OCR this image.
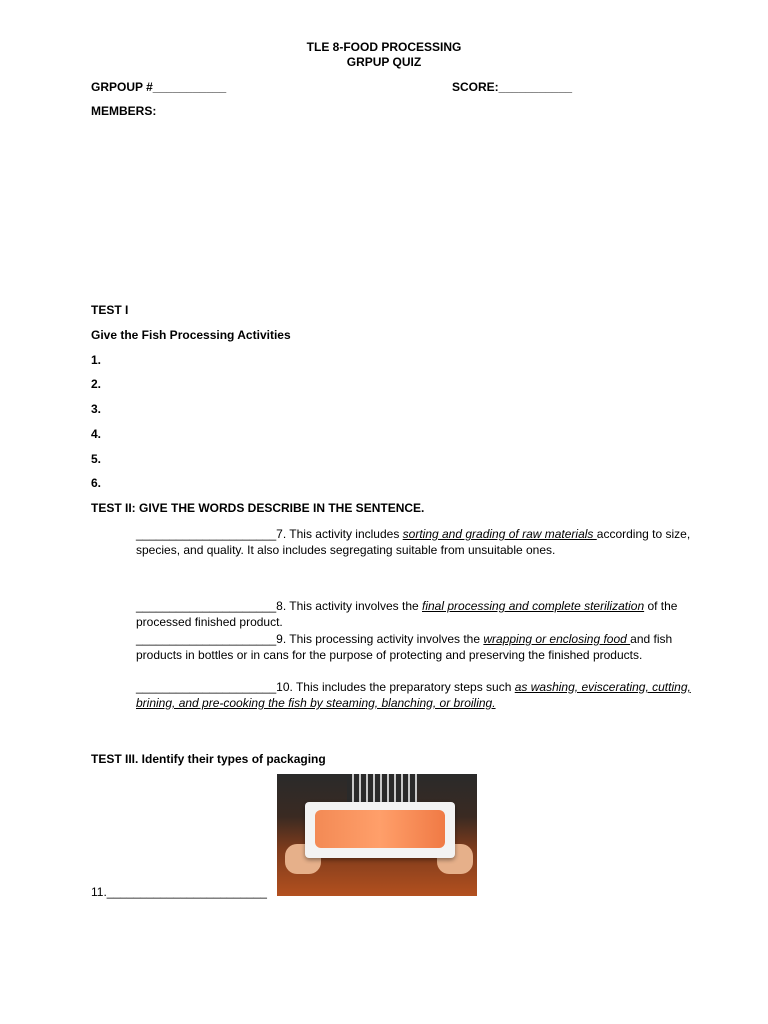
TLE 8-FOOD PROCESSING
GRPUP QUIZ
GRPOUP #___________	SCORE:___________
MEMBERS:
TEST I
Give the Fish Processing Activities
1.
2.
3.
4.
5.
6.
TEST II: GIVE THE WORDS DESCRIBE IN THE SENTENCE.
_____________________7. This activity includes sorting and grading of raw materials according to size, species, and quality. It also includes segregating suitable from unsuitable ones.
_____________________8. This activity involves the final processing and complete sterilization of the processed finished product.
_____________________9. This processing activity involves the wrapping or enclosing food and fish products in bottles or in cans for the purpose of protecting and preserving the finished products.
_____________________10. This includes the preparatory steps such as washing, eviscerating, cutting, brining, and pre-cooking the fish by steaming, blanching, or broiling.
TEST III. Identify their types of packaging
11.________________________
